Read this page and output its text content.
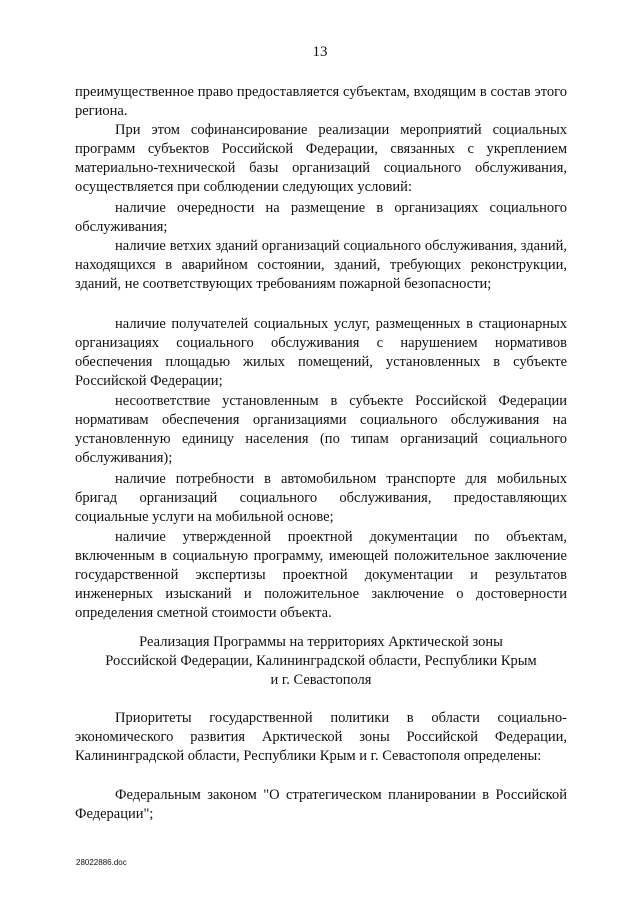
13

преимущественное право предоставляется субъектам, входящим в состав этого региона.

При этом софинансирование реализации мероприятий социальных программ субъектов Российской Федерации, связанных с укреплением материально-технической базы организаций социального обслуживания, осуществляется при соблюдении следующих условий:

наличие очередности на размещение в организациях социального обслуживания;

наличие ветхих зданий организаций социального обслуживания, зданий, находящихся в аварийном состоянии, зданий, требующих реконструкции, зданий, не соответствующих требованиям пожарной безопасности;

наличие получателей социальных услуг, размещенных в стационарных организациях социального обслуживания с нарушением нормативов обеспечения площадью жилых помещений, установленных в субъекте Российской Федерации;

несоответствие установленным в субъекте Российской Федерации нормативам обеспечения организациями социального обслуживания на установленную единицу населения (по типам организаций социального обслуживания);

наличие потребности в автомобильном транспорте для мобильных бригад организаций социального обслуживания, предоставляющих социальные услуги на мобильной основе;

наличие утвержденной проектной документации по объектам, включенным в социальную программу, имеющей положительное заключение государственной экспертизы проектной документации и результатов инженерных изысканий и положительное заключение о достоверности определения сметной стоимости объекта.

Реализация Программы на территориях Арктической зоны
Российской Федерации, Калининградской области, Республики Крым
и г. Севастополя

Приоритеты государственной политики в области социально-экономического развития Арктической зоны Российской Федерации, Калининградской области, Республики Крым и г. Севастополя определены:

Федеральным законом "О стратегическом планировании в Российской Федерации";

28022886.doc
